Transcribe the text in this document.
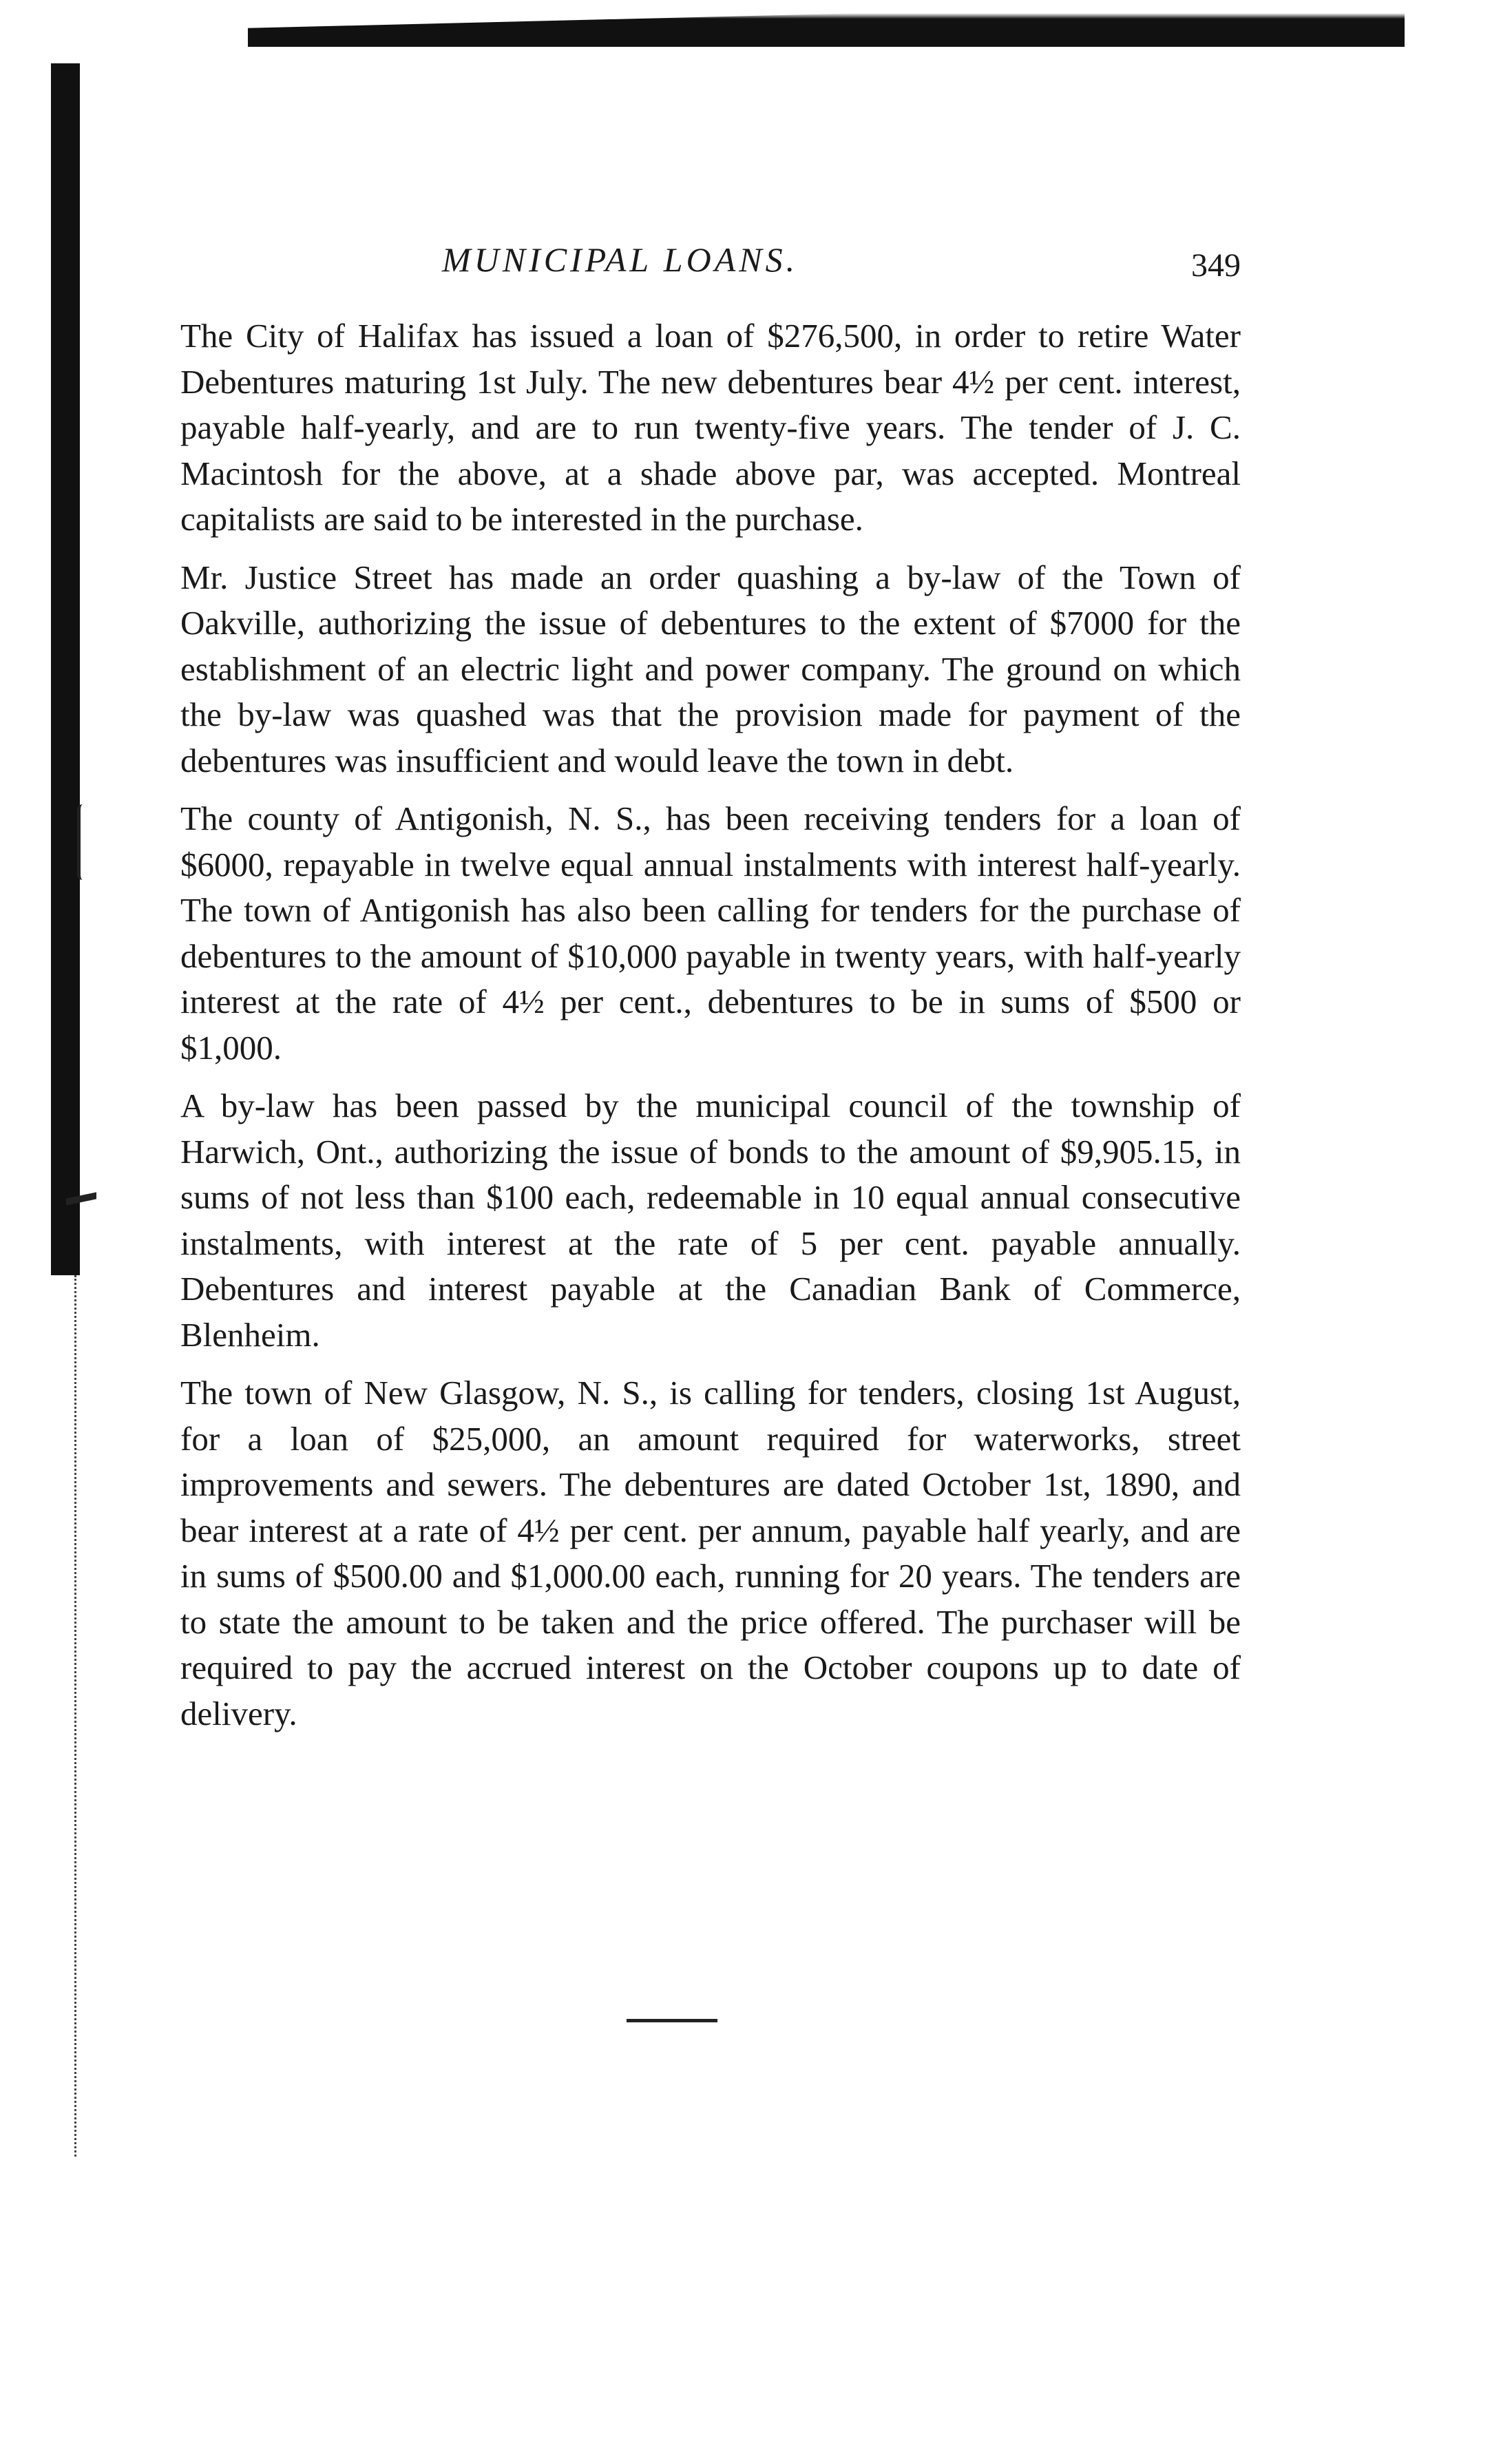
MUNICIPAL LOANS.	349

The City of Halifax has issued a loan of $276,500, in order to retire Water Debentures maturing 1st July. The new debentures bear 4½ per cent. interest, payable half-yearly, and are to run twenty-five years. The tender of J. C. Macintosh for the above, at a shade above par, was accepted. Montreal capitalists are said to be interested in the purchase.

Mr. Justice Street has made an order quashing a by-law of the Town of Oakville, authorizing the issue of debentures to the extent of $7000 for the establishment of an electric light and power company. The ground on which the by-law was quashed was that the provision made for payment of the debentures was insufficient and would leave the town in debt.

The county of Antigonish, N. S., has been receiving tenders for a loan of $6000, repayable in twelve equal annual instalments with interest half-yearly. The town of Antigonish has also been calling for tenders for the purchase of debentures to the amount of $10,000 payable in twenty years, with half-yearly interest at the rate of 4½ per cent., debentures to be in sums of $500 or $1,000.

A by-law has been passed by the municipal council of the township of Harwich, Ont., authorizing the issue of bonds to the amount of $9,905.15, in sums of not less than $100 each, redeemable in 10 equal annual consecutive instalments, with interest at the rate of 5 per cent. payable annually. Debentures and interest payable at the Canadian Bank of Commerce, Blenheim.

The town of New Glasgow, N. S., is calling for tenders, closing 1st August, for a loan of $25,000, an amount required for waterworks, street improvements and sewers. The debentures are dated October 1st, 1890, and bear interest at a rate of 4½ per cent. per annum, payable half yearly, and are in sums of $500.00 and $1,000.00 each, running for 20 years. The tenders are to state the amount to be taken and the price offered. The purchaser will be required to pay the accrued interest on the October coupons up to date of delivery.
